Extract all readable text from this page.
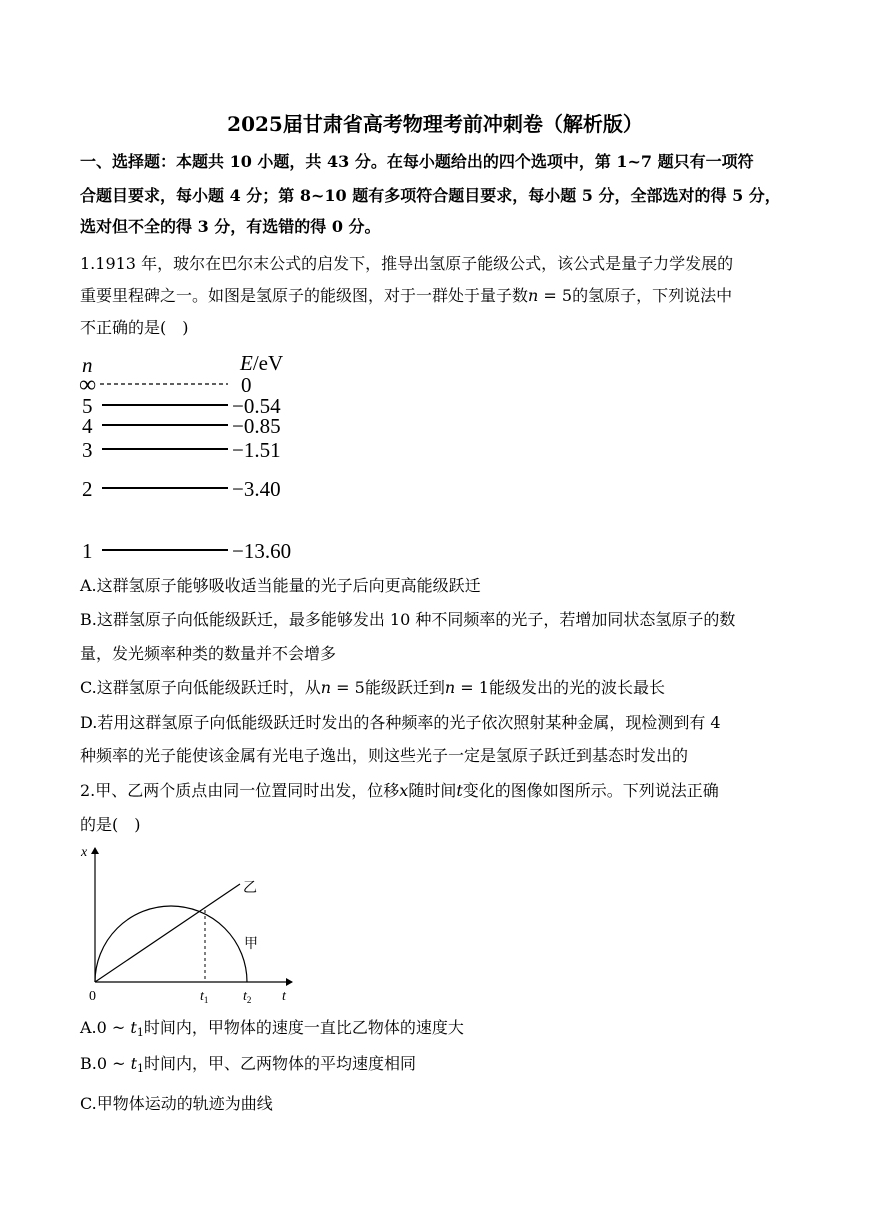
2025届甘肃省高考物理考前冲刺卷（解析版）
一、选择题：本题共 10 小题，共 43 分。在每小题给出的四个选项中，第 1~7 题只有一项符
合题目要求，每小题 4 分；第 8~10 题有多项符合题目要求，每小题 5 分，全部选对的得 5 分，
选对但不全的得 3 分，有选错的得 0 分。
1.1913 年，玻尔在巴尔末公式的启发下，推导出氢原子能级公式，该公式是量子力学发展的
重要里程碑之一。如图是氢原子的能级图，对于一群处于量子数n = 5的氢原子，下列说法中
不正确的是(　)
n	E/eV
∞	0
5	−0.54
4	−0.85
3	−1.51
2	−3.40
1	−13.60
A.这群氢原子能够吸收适当能量的光子后向更高能级跃迁
B.这群氢原子向低能级跃迁，最多能够发出 10 种不同频率的光子，若增加同状态氢原子的数
量，发光频率种类的数量并不会增多
C.这群氢原子向低能级跃迁时，从n = 5能级跃迁到n = 1能级发出的光的波长最长
D.若用这群氢原子向低能级跃迁时发出的各种频率的光子依次照射某种金属，现检测到有 4
种频率的光子能使该金属有光电子逸出，则这些光子一定是氢原子跃迁到基态时发出的
2.甲、乙两个质点由同一位置同时出发，位移x随时间t变化的图像如图所示。下列说法正确
的是(　)
x
t
0	$t_1$ $t_2$
乙
甲
A.0 ~ $t_1$时间内，甲物体的速度一直比乙物体的速度大
B.0 ~ $t_1$时间内，甲、乙两物体的平均速度相同
C.甲物体运动的轨迹为曲线
